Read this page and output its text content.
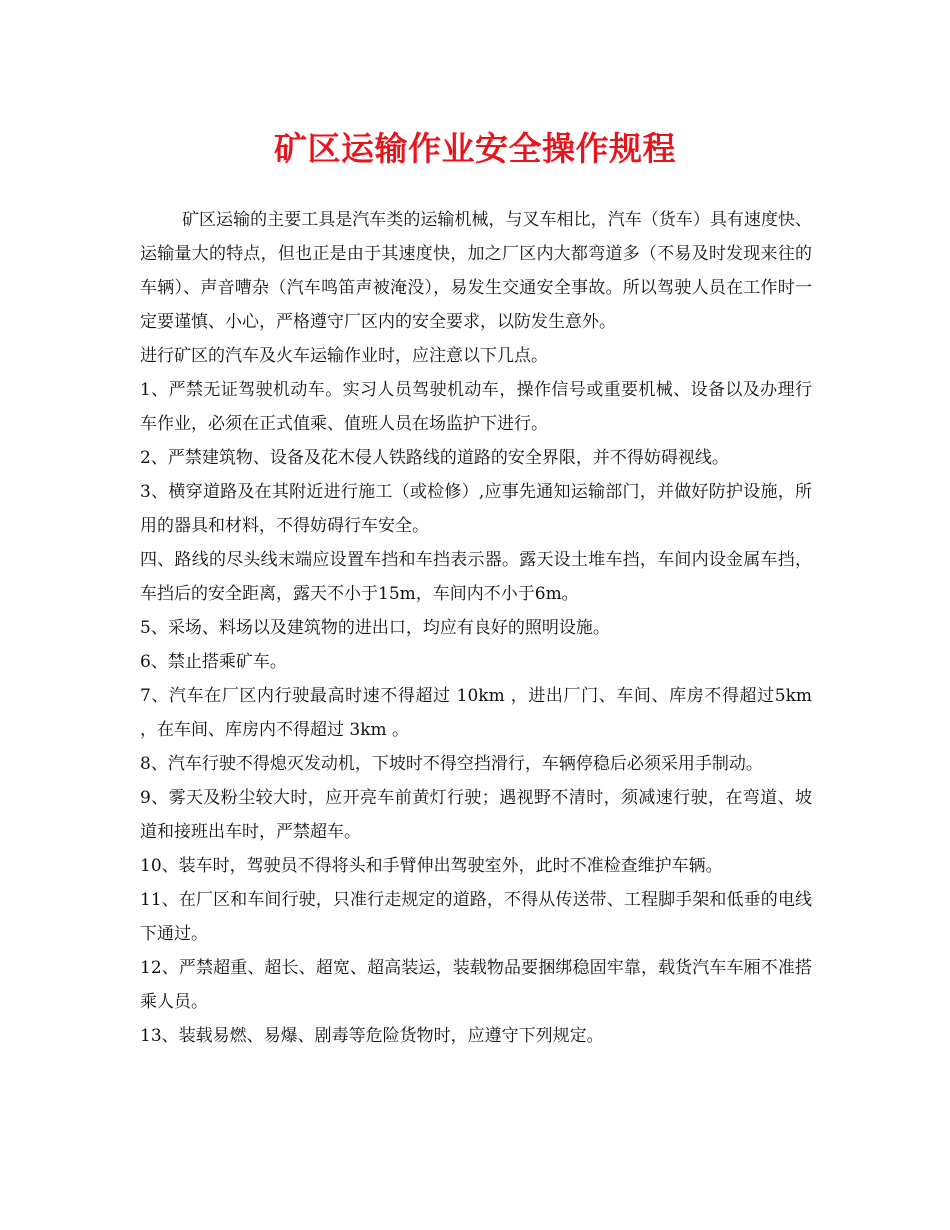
矿区运输作业安全操作规程

矿区运输的主要工具是汽车类的运输机械，与叉车相比，汽车（货车）具有速度快、运输量大的特点，但也正是由于其速度快，加之厂区内大都弯道多（不易及时发现来往的车辆）、声音嘈杂（汽车鸣笛声被淹没），易发生交通安全事故。所以驾驶人员在工作时一定要谨慎、小心，严格遵守厂区内的安全要求，以防发生意外。

进行矿区的汽车及火车运输作业时，应注意以下几点。

1、严禁无证驾驶机动车。实习人员驾驶机动车，操作信号或重要机械、设备以及办理行车作业，必须在正式值乘、值班人员在场监护下进行。

2、严禁建筑物、设备及花木侵人铁路线的道路的安全界限，并不得妨碍视线。

3、横穿道路及在其附近进行施工（或检修）,应事先通知运输部门，并做好防护设施，所用的器具和材料，不得妨碍行车安全。

四、路线的尽头线末端应设置车挡和车挡表示器。露天设土堆车挡，车间内设金属车挡，车挡后的安全距离，露天不小于15m，车间内不小于6m。

5、采场、料场以及建筑物的进出口，均应有良好的照明设施。

6、禁止搭乘矿车。

7、汽车在厂区内行驶最高时速不得超过 10km ，进出厂门、车间、库房不得超过5km ，在车间、库房内不得超过 3km 。

8、汽车行驶不得熄灭发动机，下坡时不得空挡滑行，车辆停稳后必须采用手制动。

9、雾天及粉尘较大时，应开亮车前黄灯行驶；遇视野不清时，须减速行驶，在弯道、坡道和接班出车时，严禁超车。

10、装车时，驾驶员不得将头和手臂伸出驾驶室外，此时不准检查维护车辆。

11、在厂区和车间行驶，只准行走规定的道路，不得从传送带、工程脚手架和低垂的电线下通过。

12、严禁超重、超长、超宽、超高装运，装载物品要捆绑稳固牢靠，载货汽车车厢不准搭乘人员。

13、装载易燃、易爆、剧毒等危险货物时，应遵守下列规定。
